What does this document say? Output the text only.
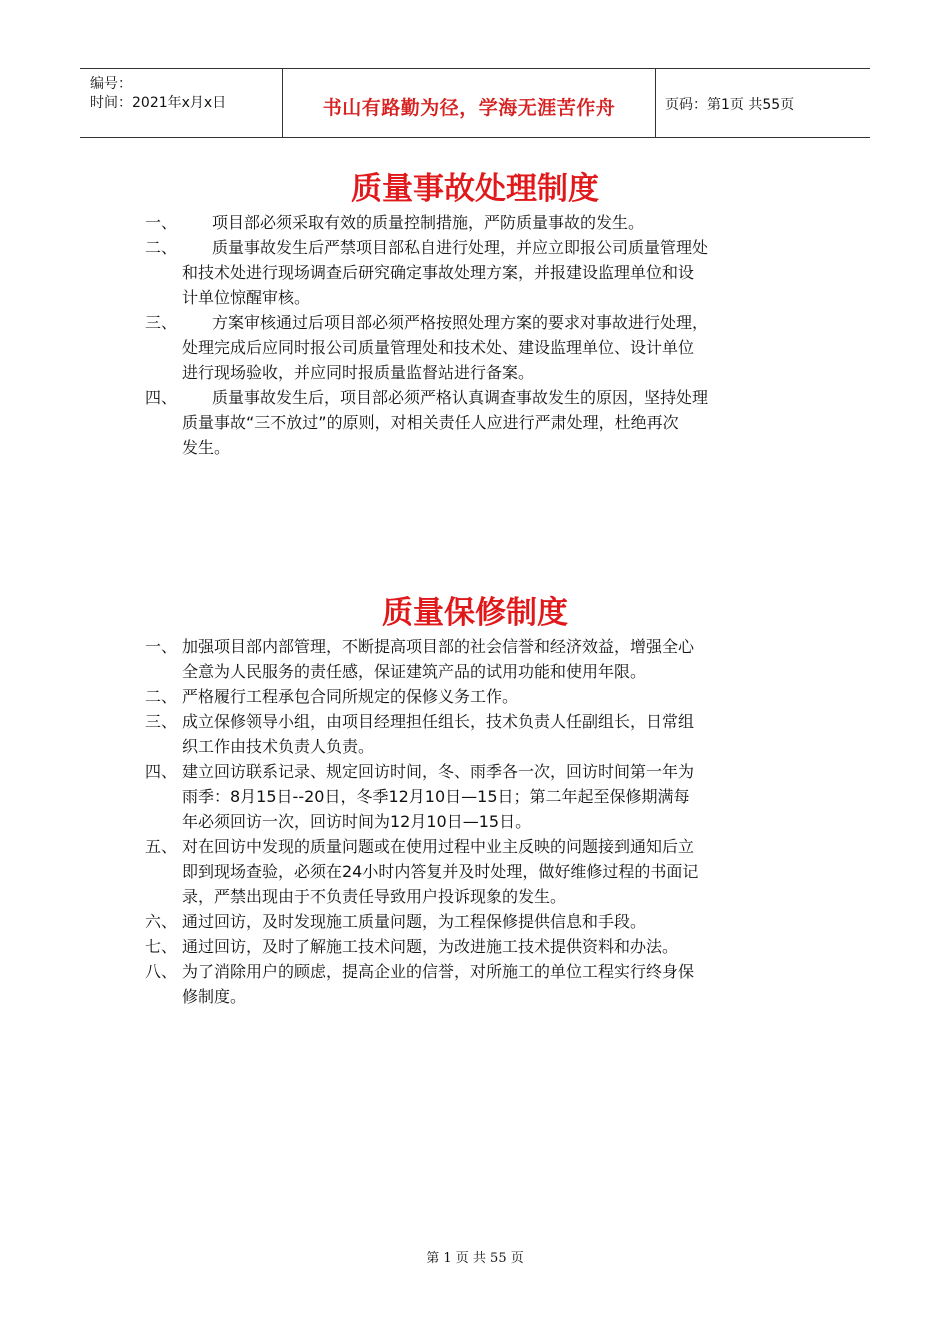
编号：
时间：2021年x月x日	书山有路勤为径，学海无涯苦作舟	页码：第1页 共55页
质量事故处理制度
一、 项目部必须采取有效的质量控制措施，严防质量事故的发生。
二、 质量事故发生后严禁项目部私自进行处理，并应立即报公司质量管理处
和技术处进行现场调查后研究确定事故处理方案，并报建设监理单位和设
计单位惊醒审核。
三、 方案审核通过后项目部必须严格按照处理方案的要求对事故进行处理，
处理完成后应同时报公司质量管理处和技术处、建设监理单位、设计单位
进行现场验收，并应同时报质量监督站进行备案。
四、 质量事故发生后，项目部必须严格认真调查事故发生的原因，坚持处理
质量事故“三不放过”的原则，对相关责任人应进行严肃处理，杜绝再次
发生。
质量保修制度
一、 加强项目部内部管理，不断提高项目部的社会信誉和经济效益，增强全心
全意为人民服务的责任感，保证建筑产品的试用功能和使用年限。
二、 严格履行工程承包合同所规定的保修义务工作。
三、 成立保修领导小组，由项目经理担任组长，技术负责人任副组长，日常组
织工作由技术负责人负责。
四、 建立回访联系记录、规定回访时间，冬、雨季各一次，回访时间第一年为
雨季：8月15日--20日，冬季12月10日—15日；第二年起至保修期满每
年必须回访一次，回访时间为12月10日—15日。
五、 对在回访中发现的质量问题或在使用过程中业主反映的问题接到通知后立
即到现场查验，必须在24小时内答复并及时处理，做好维修过程的书面记
录，严禁出现由于不负责任导致用户投诉现象的发生。
六、 通过回访，及时发现施工质量问题，为工程保修提供信息和手段。
七、 通过回访，及时了解施工技术问题，为改进施工技术提供资料和办法。
八、 为了消除用户的顾虑，提高企业的信誉，对所施工的单位工程实行终身保
修制度。
第 1 页 共 55 页
